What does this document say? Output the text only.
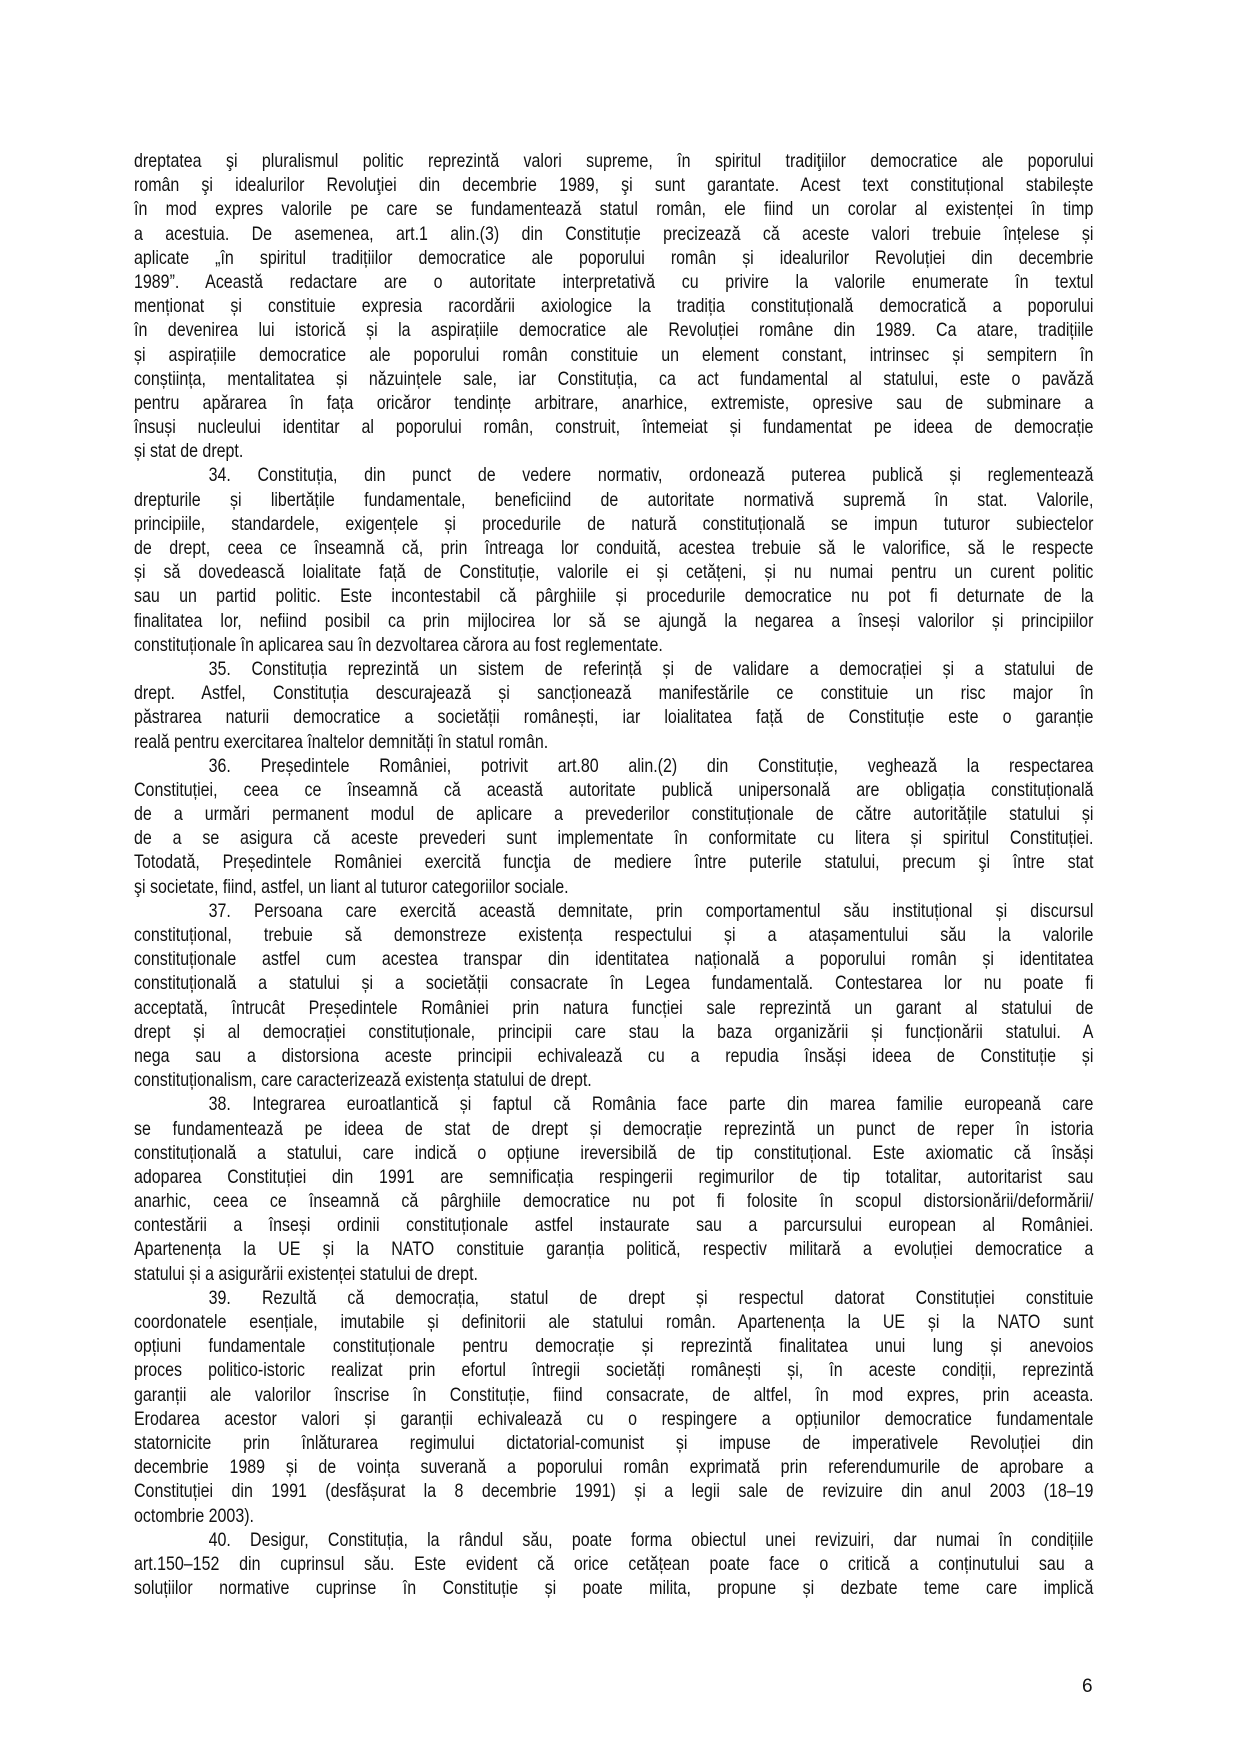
dreptatea şi pluralismul politic reprezintă valori supreme, în spiritul tradiţiilor democratice ale poporului
român şi idealurilor Revoluţiei din decembrie 1989, şi sunt garantate. Acest text constituțional stabilește
în mod expres valorile pe care se fundamentează statul român, ele fiind un corolar al existenței în timp
a acestuia. De asemenea, art.1 alin.(3) din Constituție precizează că aceste valori trebuie înțelese și
aplicate „în spiritul tradițiilor democratice ale poporului român și idealurilor Revoluției din decembrie
1989”. Această redactare are o autoritate interpretativă cu privire la valorile enumerate în textul
menționat și constituie expresia racordării axiologice la tradiția constituțională democratică a poporului
în devenirea lui istorică și la aspirațiile democratice ale Revoluției române din 1989. Ca atare, tradițiile
și aspirațiile democratice ale poporului român constituie un element constant, intrinsec și sempitern în
conștiința, mentalitatea și năzuințele sale, iar Constituția, ca act fundamental al statului, este o pavăză
pentru apărarea în fața oricăror tendințe arbitrare, anarhice, extremiste, opresive sau de subminare a
însuși nucleului identitar al poporului român, construit, întemeiat și fundamentat pe ideea de democrație
și stat de drept.
34. Constituția, din punct de vedere normativ, ordonează puterea publică și reglementează
drepturile și libertățile fundamentale, beneficiind de autoritate normativă supremă în stat. Valorile,
principiile, standardele, exigențele și procedurile de natură constituțională se impun tuturor subiectelor
de drept, ceea ce înseamnă că, prin întreaga lor conduită, acestea trebuie să le valorifice, să le respecte
și să dovedească loialitate față de Constituție, valorile ei și cetățeni, și nu numai pentru un curent politic
sau un partid politic. Este incontestabil că pârghiile și procedurile democratice nu pot fi deturnate de la
finalitatea lor, nefiind posibil ca prin mijlocirea lor să se ajungă la negarea a înseși valorilor și principiilor
constituționale în aplicarea sau în dezvoltarea cărora au fost reglementate.
35. Constituția reprezintă un sistem de referință și de validare a democrației și a statului de
drept. Astfel, Constituția descurajează și sancționează manifestările ce constituie un risc major în
păstrarea naturii democratice a societății românești, iar loialitatea față de Constituție este o garanție
reală pentru exercitarea înaltelor demnități în statul român.
36. Președintele României, potrivit art.80 alin.(2) din Constituție, veghează la respectarea
Constituției, ceea ce înseamnă că această autoritate publică unipersonală are obligația constituțională
de a urmări permanent modul de aplicare a prevederilor constituționale de către autoritățile statului și
de a se asigura că aceste prevederi sunt implementate în conformitate cu litera și spiritul Constituției.
Totodată, Președintele României exercită funcţia de mediere între puterile statului, precum şi între stat
şi societate, fiind, astfel, un liant al tuturor categoriilor sociale.
37. Persoana care exercită această demnitate, prin comportamentul său instituțional și discursul
constituțional, trebuie să demonstreze existența respectului și a atașamentului său la valorile
constituționale astfel cum acestea transpar din identitatea națională a poporului român și identitatea
constituțională a statului și a societății consacrate în Legea fundamentală. Contestarea lor nu poate fi
acceptată, întrucât Președintele României prin natura funcției sale reprezintă un garant al statului de
drept și al democrației constituționale, principii care stau la baza organizării și funcționării statului. A
nega sau a distorsiona aceste principii echivalează cu a repudia însăși ideea de Constituție și
constituționalism, care caracterizează existența statului de drept.
38. Integrarea euroatlantică și faptul că România face parte din marea familie europeană care
se fundamentează pe ideea de stat de drept și democrație reprezintă un punct de reper în istoria
constituțională a statului, care indică o opțiune ireversibilă de tip constituțional. Este axiomatic că însăși
adoparea Constituției din 1991 are semnificația respingerii regimurilor de tip totalitar, autoritarist sau
anarhic, ceea ce înseamnă că pârghiile democratice nu pot fi folosite în scopul distorsionării/deformării/
contestării a înseși ordinii constituționale astfel instaurate sau a parcursului european al României.
Apartenența la UE și la NATO constituie garanția politică, respectiv militară a evoluției democratice a
statului și a asigurării existenței statului de drept.
39. Rezultă că democrația, statul de drept și respectul datorat Constituției constituie
coordonatele esențiale, imutabile și definitorii ale statului român. Apartenența la UE și la NATO sunt
opțiuni fundamentale constituționale pentru democrație și reprezintă finalitatea unui lung și anevoios
proces politico-istoric realizat prin efortul întregii societăți românești și, în aceste condiții, reprezintă
garanții ale valorilor înscrise în Constituție, fiind consacrate, de altfel, în mod expres, prin aceasta.
Erodarea acestor valori și garanții echivalează cu o respingere a opțiunilor democratice fundamentale
statornicite prin înlăturarea regimului dictatorial-comunist și impuse de imperativele Revoluției din
decembrie 1989 și de voința suverană a poporului român exprimată prin referendumurile de aprobare a
Constituției din 1991 (desfășurat la 8 decembrie 1991) și a legii sale de revizuire din anul 2003 (18–19
octombrie 2003).
40. Desigur, Constituția, la rândul său, poate forma obiectul unei revizuiri, dar numai în condițiile
art.150–152 din cuprinsul său. Este evident că orice cetățean poate face o critică a conținutului sau a
soluțiilor normative cuprinse în Constituție și poate milita, propune și dezbate teme care implică
6
